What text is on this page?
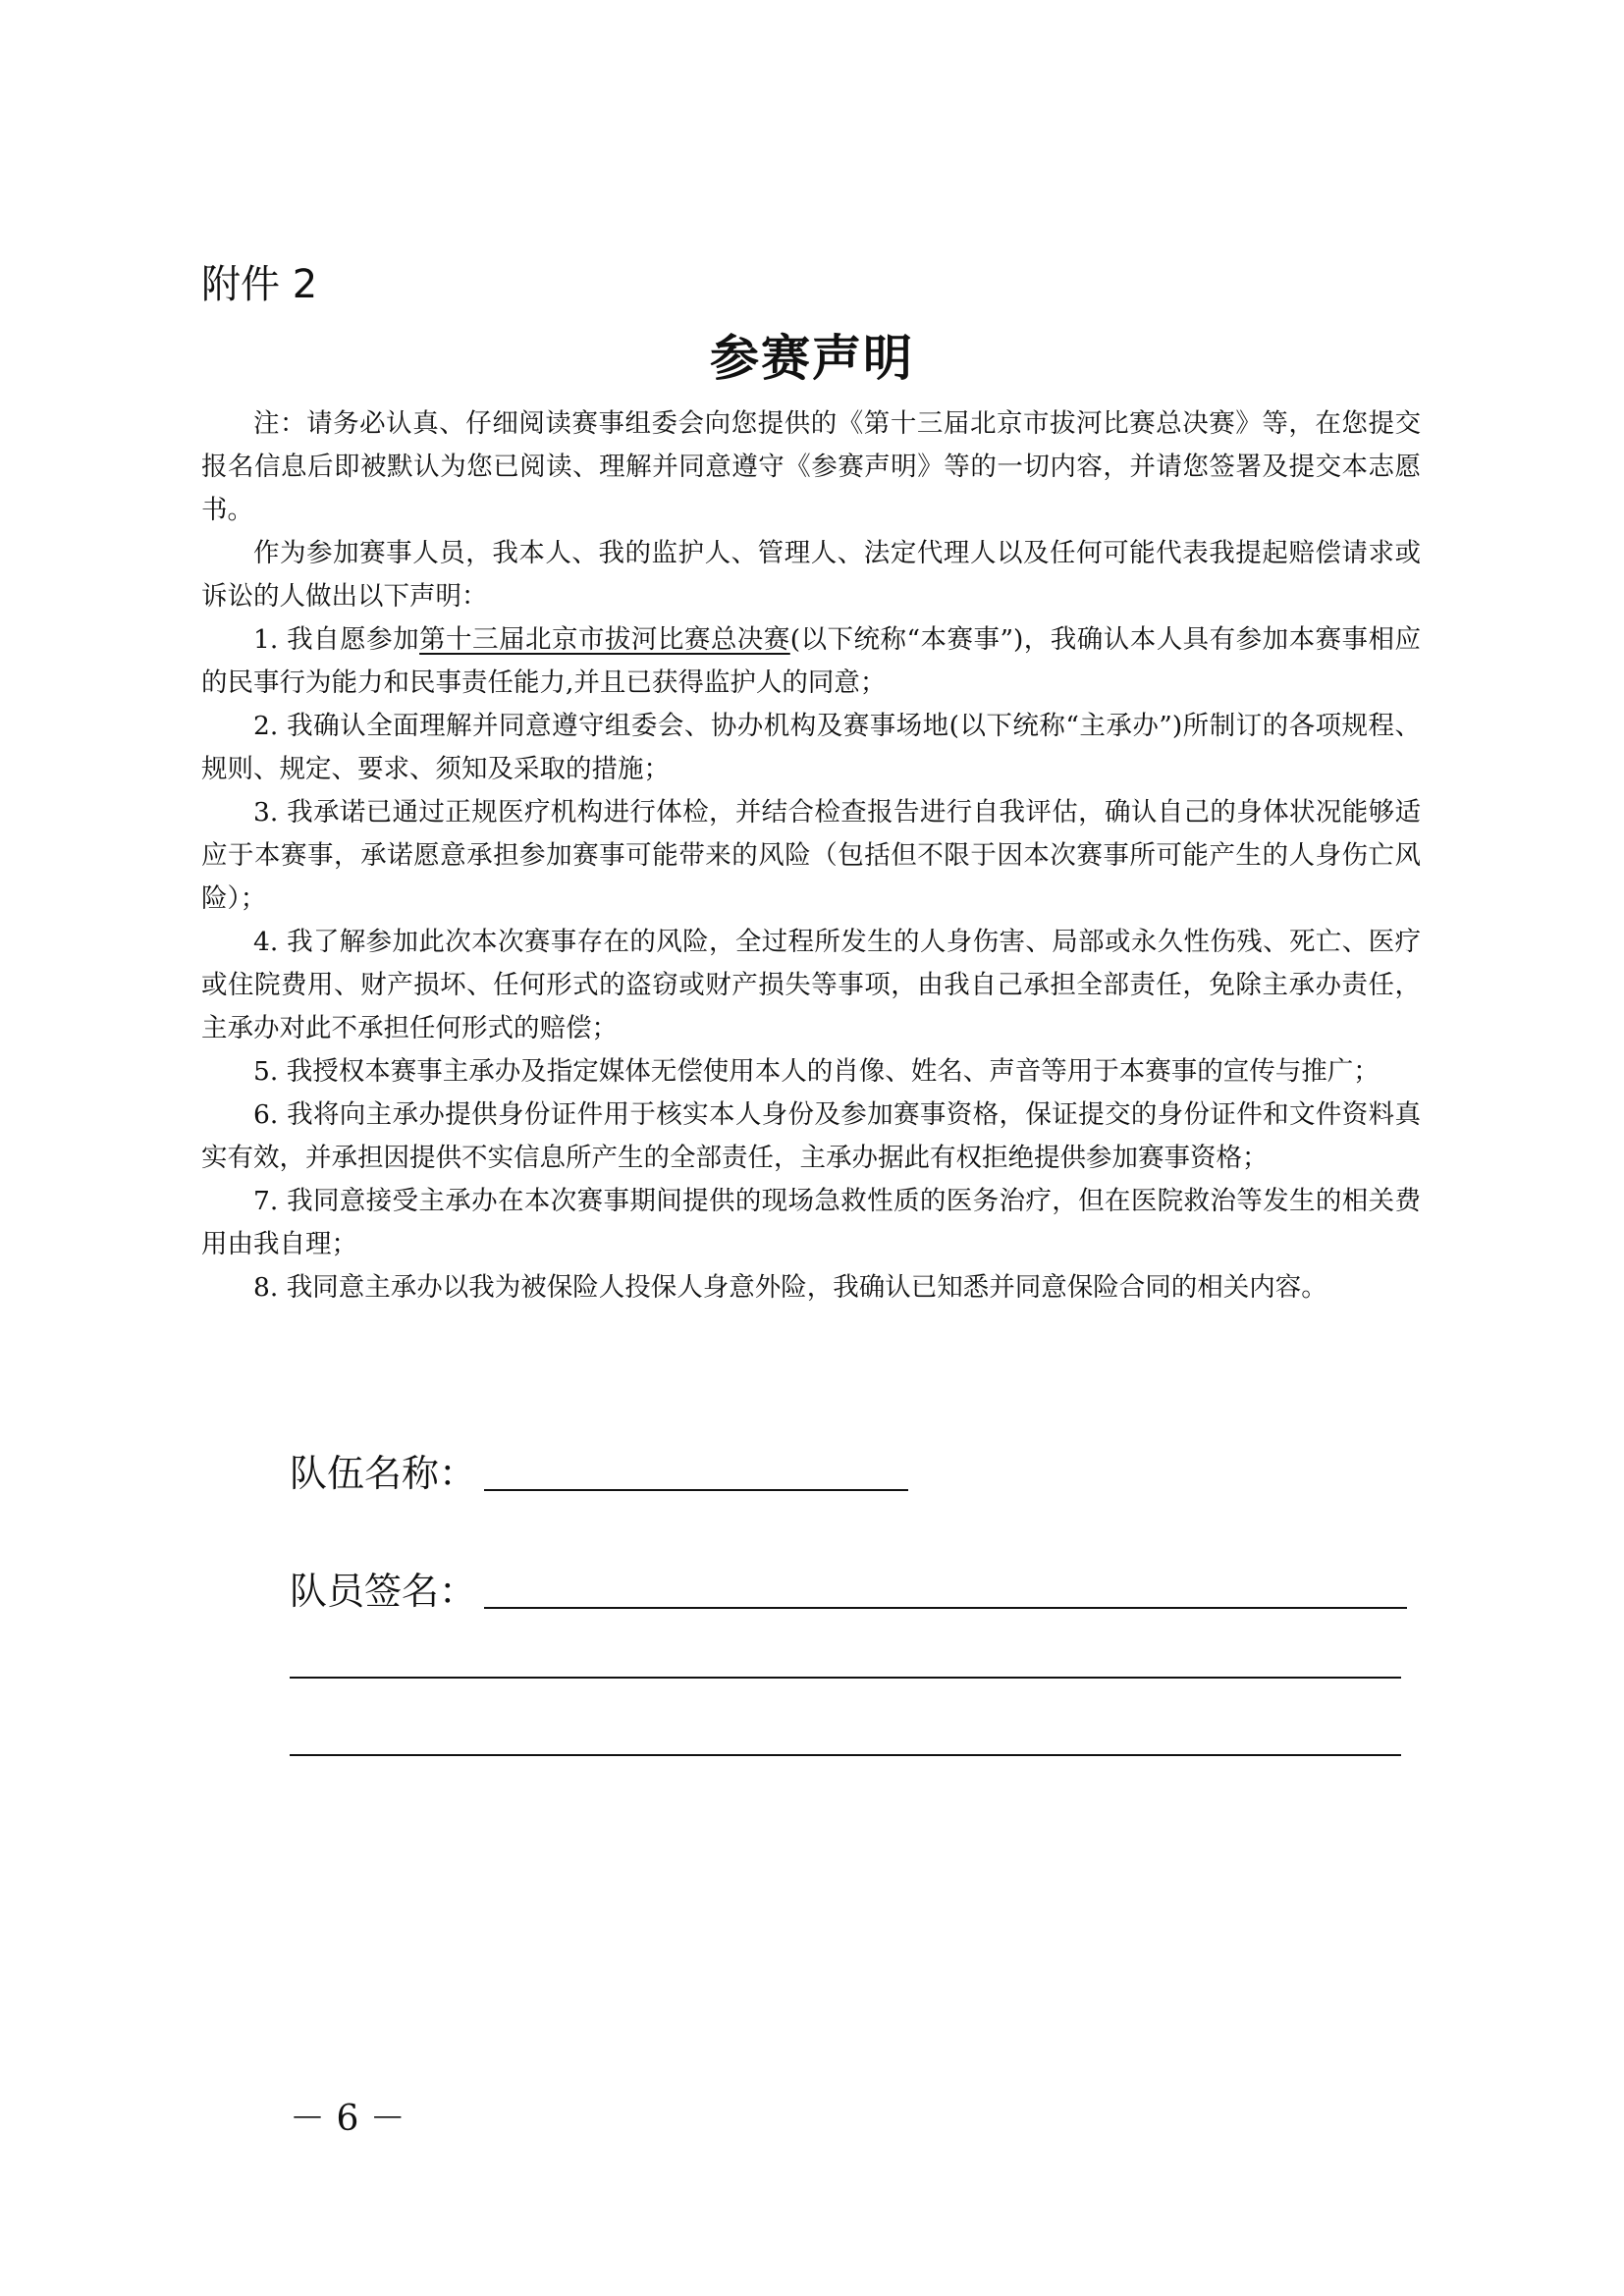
附件 2
参赛声明

注：请务必认真、仔细阅读赛事组委会向您提供的《第十三届北京市拔河比赛总决赛》等，在您提交报名信息后即被默认为您已阅读、理解并同意遵守《参赛声明》等的一切内容，并请您签署及提交本志愿书。

作为参加赛事人员，我本人、我的监护人、管理人、法定代理人以及任何可能代表我提起赔偿请求或诉讼的人做出以下声明：

1. 我自愿参加第十三届北京市拔河比赛总决赛(以下统称“本赛事”)，我确认本人具有参加本赛事相应的民事行为能力和民事责任能力,并且已获得监护人的同意；

2. 我确认全面理解并同意遵守组委会、协办机构及赛事场地(以下统称“主承办”)所制订的各项规程、规则、规定、要求、须知及采取的措施；

3. 我承诺已通过正规医疗机构进行体检，并结合检查报告进行自我评估，确认自己的身体状况能够适应于本赛事，承诺愿意承担参加赛事可能带来的风险（包括但不限于因本次赛事所可能产生的人身伤亡风险）；

4. 我了解参加此次本次赛事存在的风险，全过程所发生的人身伤害、局部或永久性伤残、死亡、医疗或住院费用、财产损坏、任何形式的盗窃或财产损失等事项，由我自己承担全部责任，免除主承办责任，主承办对此不承担任何形式的赔偿；

5. 我授权本赛事主承办及指定媒体无偿使用本人的肖像、姓名、声音等用于本赛事的宣传与推广；

6. 我将向主承办提供身份证件用于核实本人身份及参加赛事资格，保证提交的身份证件和文件资料真实有效，并承担因提供不实信息所产生的全部责任，主承办据此有权拒绝提供参加赛事资格；

7. 我同意接受主承办在本次赛事期间提供的现场急救性质的医务治疗，但在医院救治等发生的相关费用由我自理；

8. 我同意主承办以我为被保险人投保人身意外险，我确认已知悉并同意保险合同的相关内容。

队伍名称：
队员签名：
－ 6 －
